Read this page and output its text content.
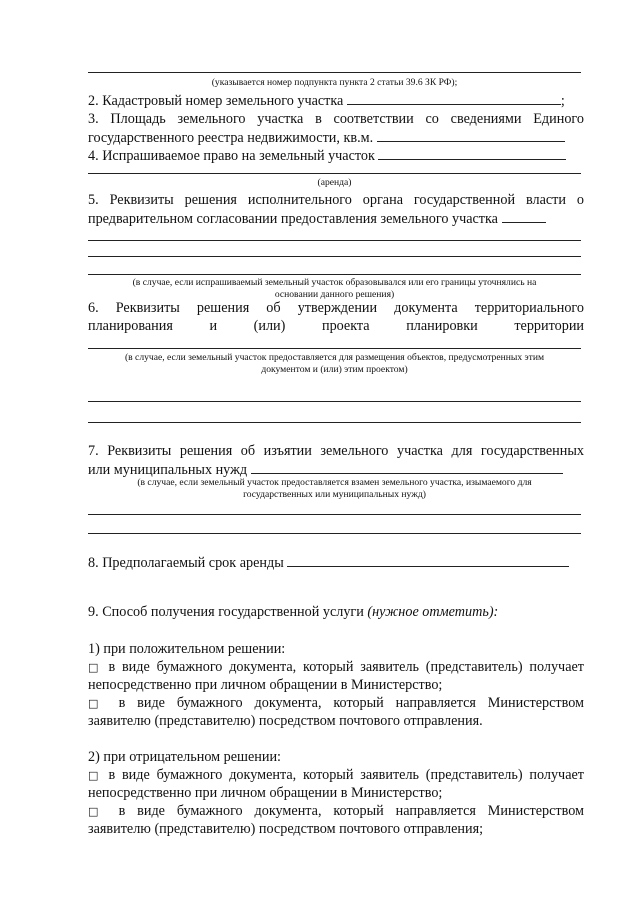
(указывается номер подпункта пункта 2 статьи 39.6 ЗК РФ);
2. Кадастровый номер земельного участка	;
3. Площадь земельного участка в соответствии со сведениями Единого
государственного реестра недвижимости, кв.м.
4. Испрашиваемое право на земельный участок
(аренда)
5. Реквизиты решения исполнительного органа государственной власти о
предварительном согласовании предоставления земельного участка
(в случае, если испрашиваемый земельный участок образовывался или его границы уточнялись на
основании данного решения)
6. Реквизиты решения об утверждении документа территориального
планирования и (или) проекта планировки территории
(в случае, если земельный участок предоставляется для размещения объектов, предусмотренных этим
документом и (или) этим проектом)
7. Реквизиты решения об изъятии земельного участка для государственных
или муниципальных нужд
(в случае, если земельный участок предоставляется взамен земельного участка, изымаемого для
государственных или муниципальных нужд)
8. Предполагаемый срок аренды
9. Способ получения государственной услуги (нужное отметить):
1) при положительном решении:
□ в виде бумажного документа, который заявитель (представитель) получает
непосредственно при личном обращении в Министерство;
□ в виде бумажного документа, который направляется Министерством
заявителю (представителю) посредством почтового отправления.
2) при отрицательном решении:
□ в виде бумажного документа, который заявитель (представитель) получает
непосредственно при личном обращении в Министерство;
□ в виде бумажного документа, который направляется Министерством
заявителю (представителю) посредством почтового отправления;
